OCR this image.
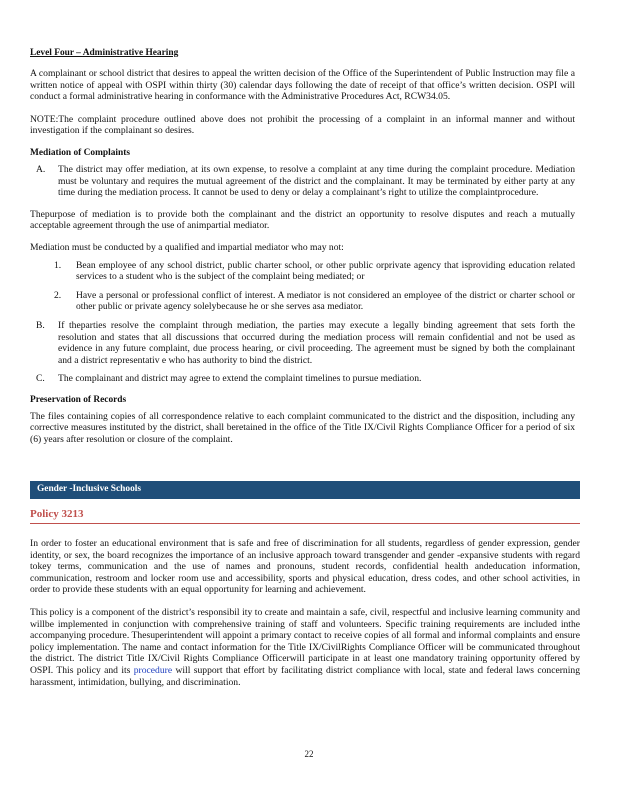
Level Four – Administrative Hearing

A complainant or school district that desires to appeal the written decision of the Office of the Superintendent of Public Instruction may file a written notice of appeal with OSPI within thirty (30) calendar days following the date of receipt of that office’s written decision. OSPI will conduct a formal administrative hearing in conformance with the Administrative Procedures Act, RCW34.05.

NOTE:The complaint procedure outlined above does not prohibit the processing of a complaint in an informal manner and without investigation if the complainant so desires.

Mediation of Complaints

A. The district may offer mediation, at its own expense, to resolve a complaint at any time during the complaint procedure. Mediation must be voluntary and requires the mutual agreement of the district and the complainant. It may be terminated by either party at any time during the mediation process. It cannot be used to deny or delay a complainant’s right to utilize the complaintprocedure.

Thepurpose of mediation is to provide both the complainant and the district an opportunity to resolve disputes and reach a mutually acceptable agreement through the use of animpartial mediator.

Mediation must be conducted by a qualified and impartial mediator who may not:

1. Bean employee of any school district, public charter school, or other public orprivate agency that isproviding education related services to a student who is the subject of the complaint being mediated; or
2. Have a personal or professional conflict of interest. A mediator is not considered an employee of the district or charter school or other public or private agency solelybecause he or she serves asa mediator.
B. If theparties resolve the complaint through mediation, the parties may execute a legally binding agreement that sets forth the resolution and states that all discussions that occurred during the mediation process will remain confidential and not be used as evidence in any future complaint, due process hearing, or civil proceeding. The agreement must be signed by both the complainant and a district representativ e who has authority to bind the district.
C. The complainant and district may agree to extend the complaint timelines to pursue mediation.

Preservation of Records

The files containing copies of all correspondence relative to each complaint communicated to the district and the disposition, including any corrective measures instituted by the district, shall beretained in the office of the Title IX/Civil Rights Compliance Officer for a period of six (6) years after resolution or closure of the complaint.

Gender -Inclusive Schools

Policy 3213

In order to foster an educational environment that is safe and free of discrimination for all students, regardless of gender expression, gender identity, or sex, the board recognizes the importance of an inclusive approach toward transgender and gender -expansive students with regard tokey terms, communication and the use of names and pronouns, student records, confidential health andeducation information, communication, restroom and locker room use and accessibility, sports and physical education, dress codes, and other school activities, in order to provide these students with an equal opportunity for learning and achievement.

This policy is a component of the district’s responsibil ity to create and maintain a safe, civil, respectful and inclusive learning community and willbe implemented in conjunction with comprehensive training of staff and volunteers. Specific training requirements are included inthe accompanying procedure. Thesuperintendent will appoint a primary contact to receive copies of all formal and informal complaints and ensure policy implementation. The name and contact information for the Title IX/CivilRights Compliance Officer will be communicated throughout the district. The district Title IX/Civil Rights Compliance Officerwill participate in at least one mandatory training opportunity offered by OSPI. This policy and its procedure will support that effort by facilitating district compliance with local, state and federal laws concerning harassment, intimidation, bullying, and discrimination.

22
